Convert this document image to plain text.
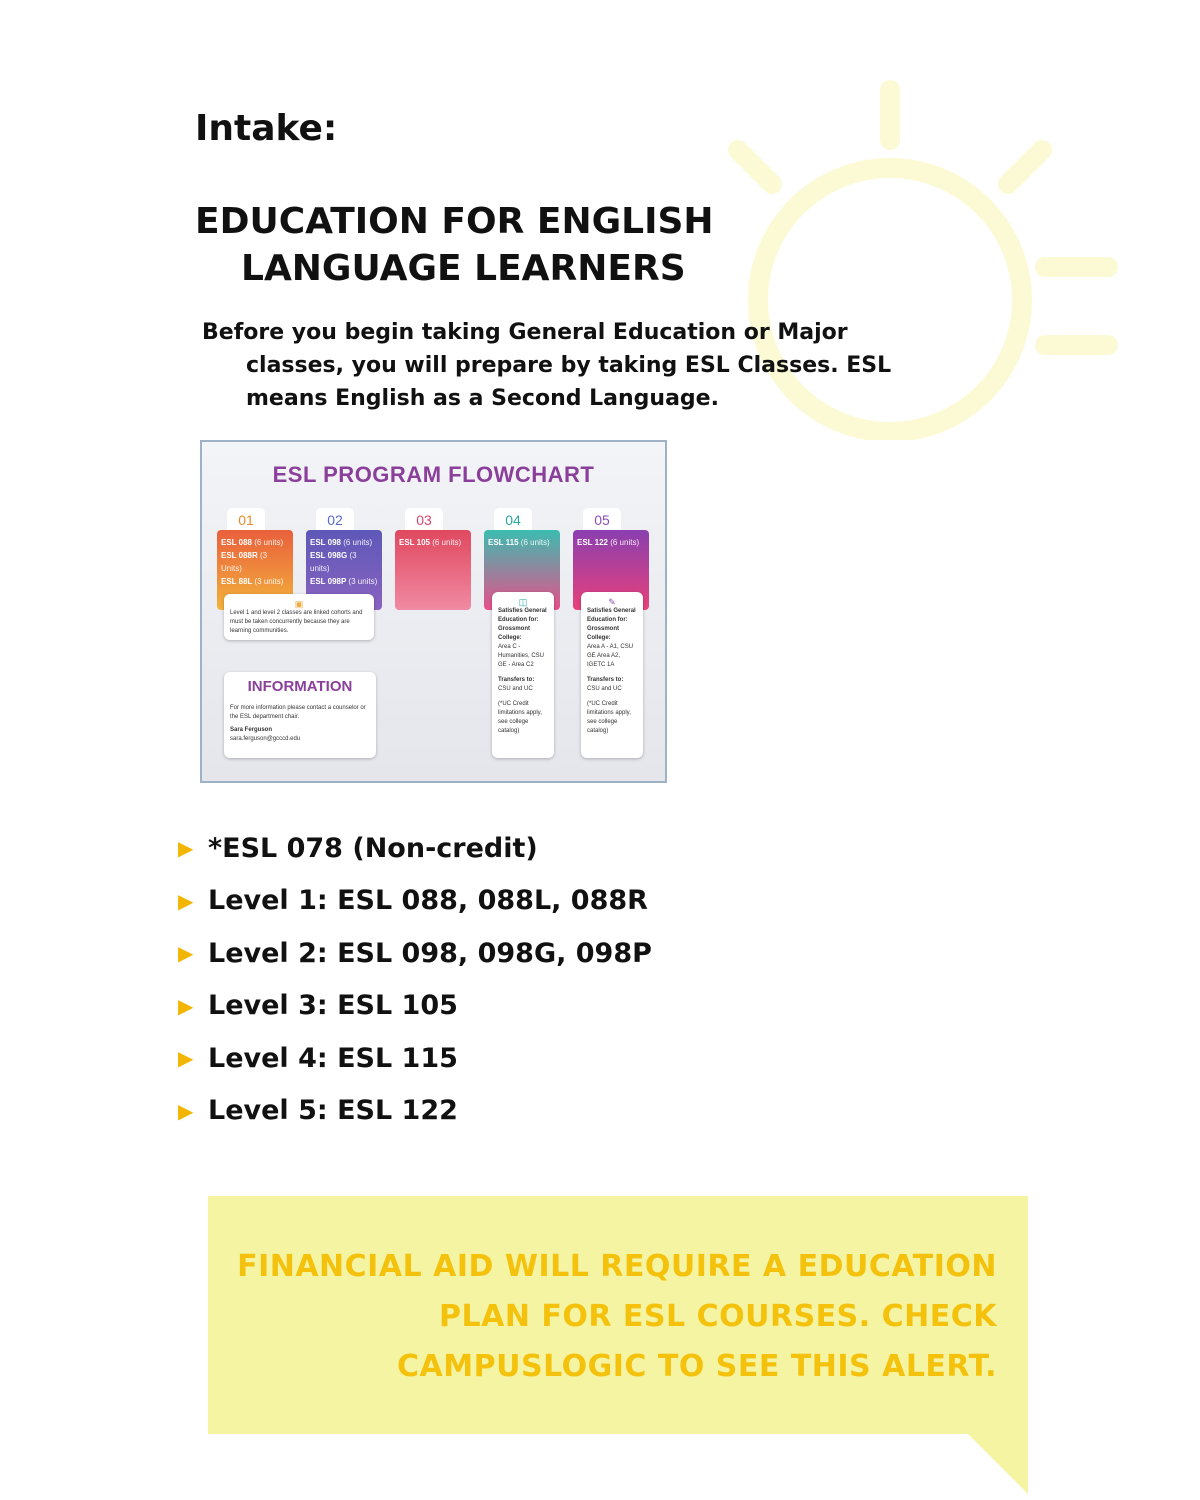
Intake:
EDUCATION FOR ENGLISH
LANGUAGE LEARNERS
Before you begin taking General Education or Major
classes, you will prepare by taking ESL Classes. ESL
means English as a Second Language.
ESL PROGRAM FLOWCHART
01
ESL 088 (6 units)
ESL 088R (3 Units)
ESL 88L (3 units)
02
ESL 098 (6 units)
ESL 098G (3 units)
ESL 098P (3 units)
03
ESL 105 (6 units)
04
ESL 115 (6 units)
05
ESL 122 (6 units)
▣
Level 1 and level 2 classes are linked cohorts and must be taken concurrently because they are learning communities.
INFORMATION
For more information please contact a counselor or the ESL department chair.
Sara Ferguson
sara.ferguson@gcccd.edu
◫
Satisfies General Education for: Grossmont College:
Area C - Humanities, CSU GE - Area C2
Transfers to:
CSU and UC
(*UC Credit limitations apply, see college catalog)
✎
Satisfies General Education for: Grossmont College:
Area A - A1, CSU GE Area A2, IGETC 1A
Transfers to:
CSU and UC
(*UC Credit limitations apply, see college catalog)
▶ *ESL 078 (Non-credit)
▶ Level 1: ESL 088, 088L, 088R
▶ Level 2: ESL 098, 098G, 098P
▶ Level 3: ESL 105
▶ Level 4: ESL 115
▶ Level 5: ESL 122
FINANCIAL AID WILL REQUIRE A EDUCATION
PLAN FOR ESL COURSES. CHECK
CAMPUSLOGIC TO SEE THIS ALERT.
